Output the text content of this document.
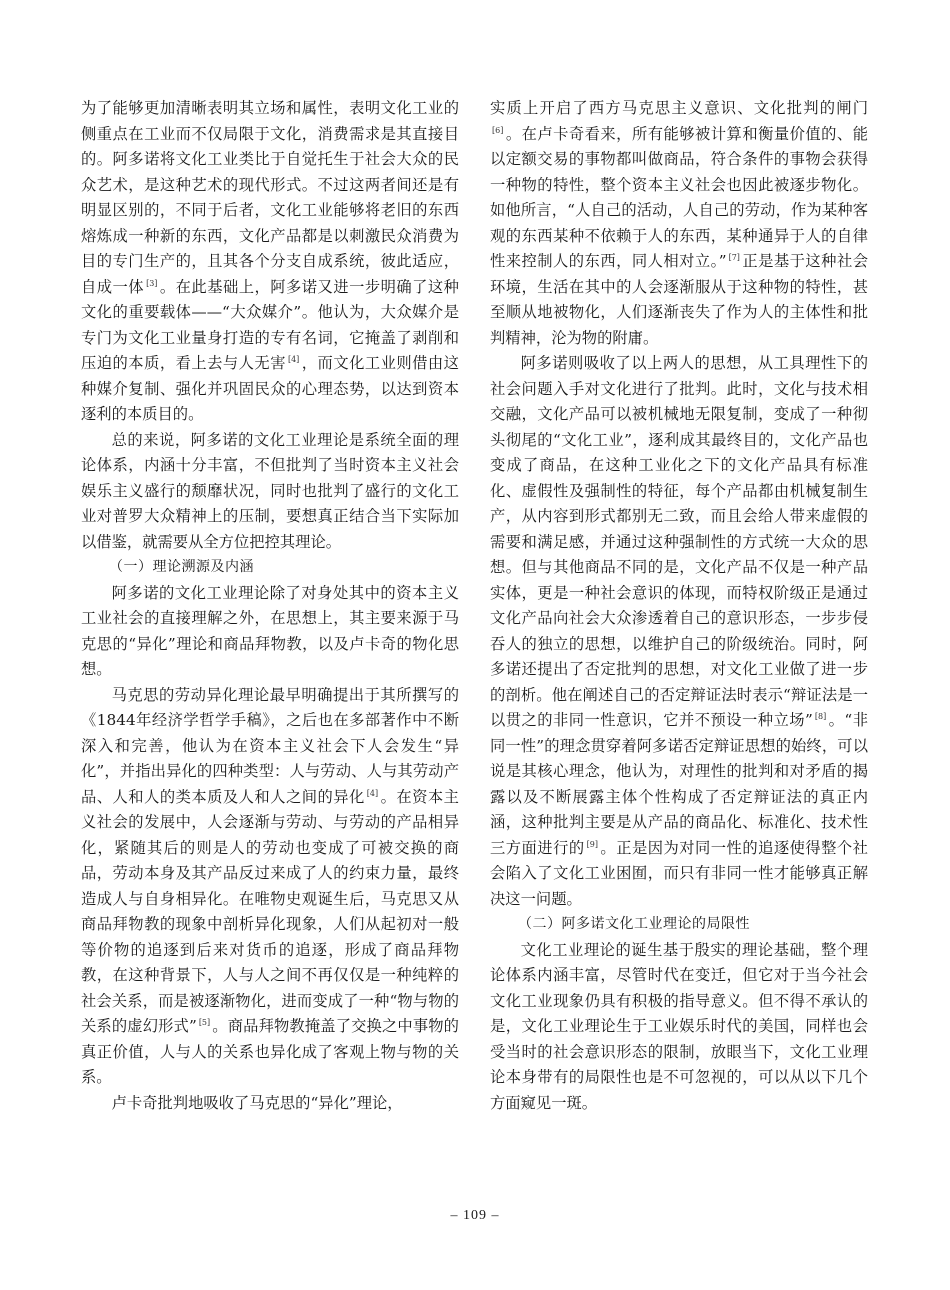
为了能够更加清晰表明其立场和属性，表明文化工业的侧重点在工业而不仅局限于文化，消费需求是其直接目的。阿多诺将文化工业类比于自觉托生于社会大众的民众艺术，是这种艺术的现代形式。不过这两者间还是有明显区别的，不同于后者，文化工业能够将老旧的东西熔炼成一种新的东西，文化产品都是以刺激民众消费为目的专门生产的，且其各个分支自成系统，彼此适应，自成一体 [3] 。在此基础上，阿多诺又进一步明确了这种文化的重要载体——“大众媒介”。他认为，大众媒介是专门为文化工业量身打造的专有名词，它掩盖了剥削和压迫的本质，看上去与人无害 [4] ，而文化工业则借由这种媒介复制、强化并巩固民众的心理态势，以达到资本逐利的本质目的。

总的来说，阿多诺的文化工业理论是系统全面的理论体系，内涵十分丰富，不但批判了当时资本主义社会娱乐主义盛行的颓靡状况，同时也批判了盛行的文化工业对普罗大众精神上的压制，要想真正结合当下实际加以借鉴，就需要从全方位把控其理论。

（一）理论溯源及内涵

阿多诺的文化工业理论除了对身处其中的资本主义工业社会的直接理解之外，在思想上，其主要来源于马克思的“异化”理论和商品拜物教，以及卢卡奇的物化思想。

马克思的劳动异化理论最早明确提出于其所撰写的《1844年经济学哲学手稿》，之后也在多部著作中不断深入和完善，他认为在资本主义社会下人会发生“异化”，并指出异化的四种类型：人与劳动、人与其劳动产品、人和人的类本质及人和人之间的异化 [4] 。在资本主义社会的发展中，人会逐渐与劳动、与劳动的产品相异化，紧随其后的则是人的劳动也变成了可被交换的商品，劳动本身及其产品反过来成了人的约束力量，最终造成人与自身相异化。在唯物史观诞生后，马克思又从商品拜物教的现象中剖析异化现象，人们从起初对一般等价物的追逐到后来对货币的追逐，形成了商品拜物教，在这种背景下，人与人之间不再仅仅是一种纯粹的社会关系，而是被逐渐物化，进而变成了一种“物与物的关系的虚幻形式” [5] 。商品拜物教掩盖了交换之中事物的真正价值，人与人的关系也异化成了客观上物与物的关系。

卢卡奇批判地吸收了马克思的“异化”理论，

实质上开启了西方马克思主义意识、文化批判的闸门[6] 。在卢卡奇看来，所有能够被计算和衡量价值的、能以定额交易的事物都叫做商品，符合条件的事物会获得一种物的特性，整个资本主义社会也因此被逐步物化。如他所言，“人自己的活动，人自己的劳动，作为某种客观的东西某种不依赖于人的东西，某种通异于人的自律性来控制人的东西，同人相对立。” [7] 正是基于这种社会环境，生活在其中的人会逐渐服从于这种物的特性，甚至顺从地被物化，人们逐渐丧失了作为人的主体性和批判精神，沦为物的附庸。

阿多诺则吸收了以上两人的思想，从工具理性下的社会问题入手对文化进行了批判。此时，文化与技术相交融，文化产品可以被机械地无限复制，变成了一种彻头彻尾的“文化工业”，逐利成其最终目的，文化产品也变成了商品，在这种工业化之下的文化产品具有标准化、虚假性及强制性的特征，每个产品都由机械复制生产，从内容到形式都别无二致，而且会给人带来虚假的需要和满足感，并通过这种强制性的方式统一大众的思想。但与其他商品不同的是，文化产品不仅是一种产品实体，更是一种社会意识的体现，而特权阶级正是通过文化产品向社会大众渗透着自己的意识形态，一步步侵吞人的独立的思想，以维护自己的阶级统治。同时，阿多诺还提出了否定批判的思想，对文化工业做了进一步的剖析。他在阐述自己的否定辩证法时表示“辩证法是一以贯之的非同一性意识，它并不预设一种立场” [8] 。“非同一性”的理念贯穿着阿多诺否定辩证思想的始终，可以说是其核心理念，他认为，对理性的批判和对矛盾的揭露以及不断展露主体个性构成了否定辩证法的真正内涵，这种批判主要是从产品的商品化、标准化、技术性三方面进行的 [9] 。正是因为对同一性的追逐使得整个社会陷入了文化工业困囿，而只有非同一性才能够真正解决这一问题。

（二）阿多诺文化工业理论的局限性

文化工业理论的诞生基于殷实的理论基础，整个理论体系内涵丰富，尽管时代在变迁，但它对于当今社会文化工业现象仍具有积极的指导意义。但不得不承认的是，文化工业理论生于工业娱乐时代的美国，同样也会受当时的社会意识形态的限制，放眼当下，文化工业理论本身带有的局限性也是不可忽视的，可以从以下几个方面窥见一斑。

– 109 –
